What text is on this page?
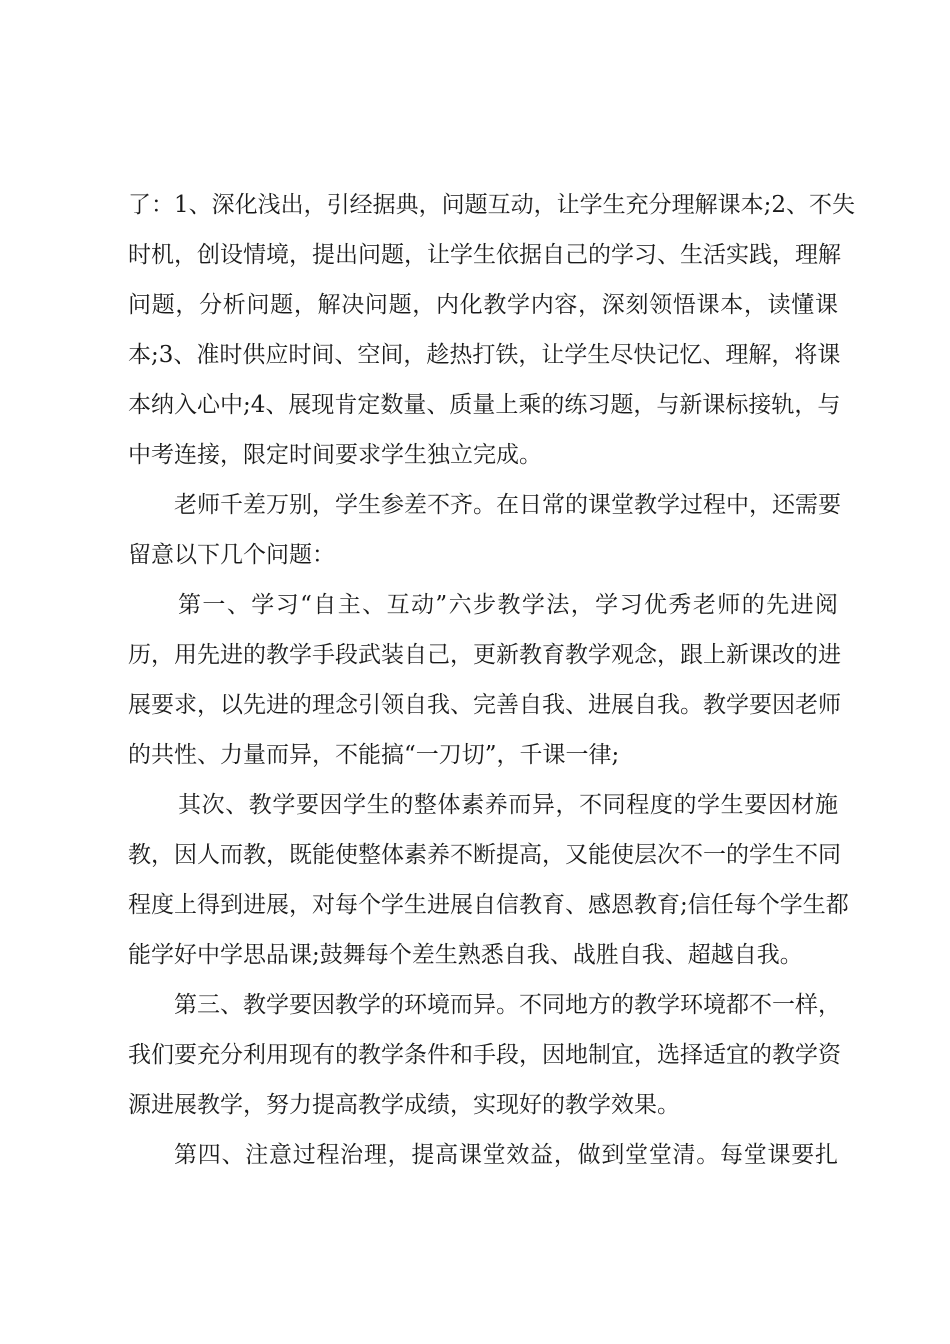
了：1、深化浅出，引经据典，问题互动，让学生充分理解课本;2、不失

时机，创设情境，提出问题，让学生依据自己的学习、生活实践，理解

问题，分析问题，解决问题，内化教学内容，深刻领悟课本，读懂课

本;3、准时供应时间、空间，趁热打铁，让学生尽快记忆、理解，将课

本纳入心中;4、展现肯定数量、质量上乘的练习题，与新课标接轨，与

中考连接，限定时间要求学生独立完成。

老师千差万别，学生参差不齐。在日常的课堂教学过程中，还需要

留意以下几个问题：

第一、学习“自主、互动”六步教学法，学习优秀老师的先进阅

历，用先进的教学手段武装自己，更新教育教学观念，跟上新课改的进

展要求，以先进的理念引领自我、完善自我、进展自我。教学要因老师

的共性、力量而异，不能搞“一刀切”，千课一律;

其次、教学要因学生的整体素养而异，不同程度的学生要因材施

教，因人而教，既能使整体素养不断提高，又能使层次不一的学生不同

程度上得到进展，对每个学生进展自信教育、感恩教育;信任每个学生都

能学好中学思品课;鼓舞每个差生熟悉自我、战胜自我、超越自我。

第三、教学要因教学的环境而异。不同地方的教学环境都不一样，

我们要充分利用现有的教学条件和手段，因地制宜，选择适宜的教学资

源进展教学，努力提高教学成绩，实现好的教学效果。

第四、注意过程治理，提高课堂效益，做到堂堂清。每堂课要扎
